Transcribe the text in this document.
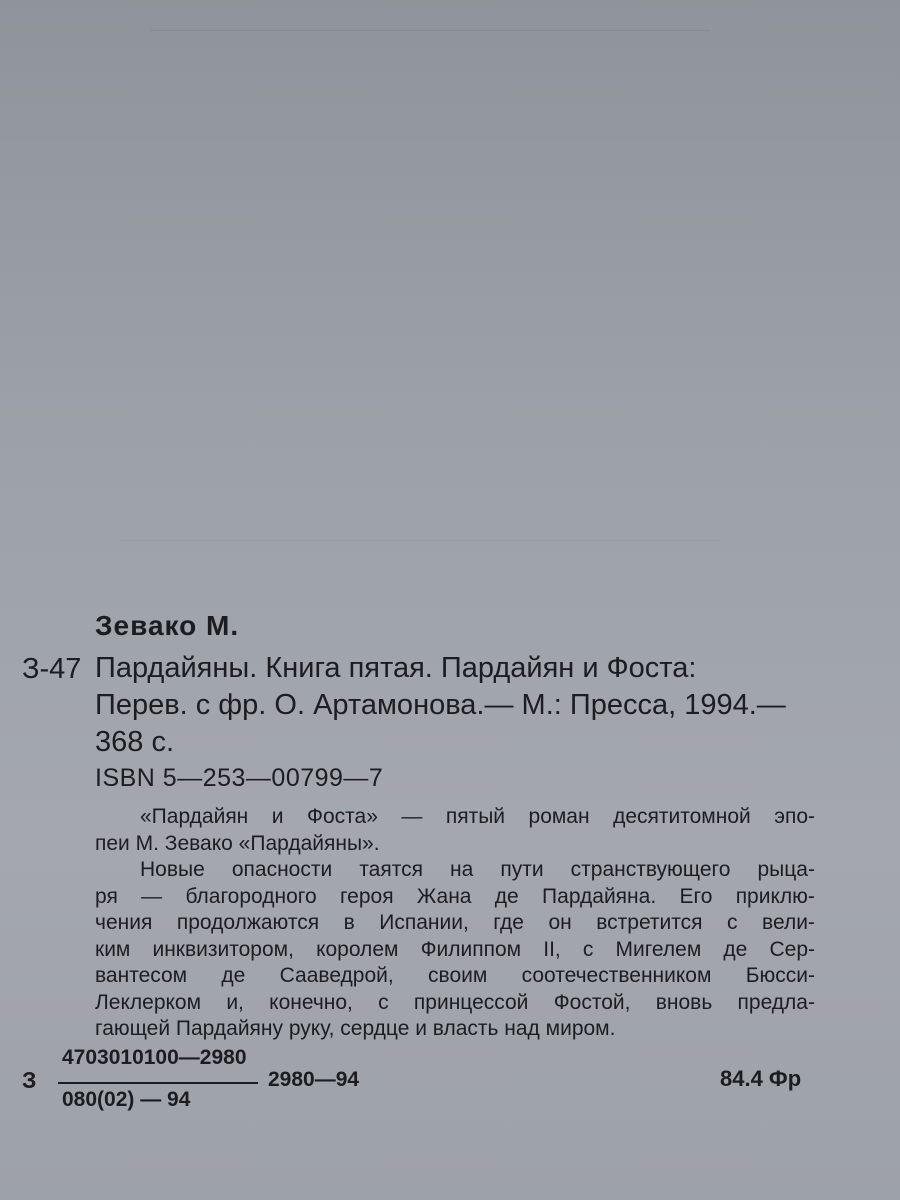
Зевако М.
З-47 Пардайяны. Книга пятая. Пардайян и Фоста:
Перев. с фр. О. Артамонова.— М.: Пресса, 1994.—
368 с.
ISBN 5—253—00799—7
«Пардайян и Фоста» — пятый роман десятитомной эпо-
пеи М. Зевако «Пардайяны».
Новые опасности таятся на пути странствующего рыца-
ря — благородного героя Жана де Пардайяна. Его приклю-
чения продолжаются в Испании, где он встретится с вели-
ким инквизитором, королем Филиппом II, с Мигелем де Сер-
вантесом де Сааведрой, своим соотечественником Бюсси-
Леклерком и, конечно, с принцессой Фостой, вновь предла-
гающей Пардайяну руку, сердце и власть над миром.
З
4703010100—2980
080(02) — 94
2980—94	84.4 Фр
